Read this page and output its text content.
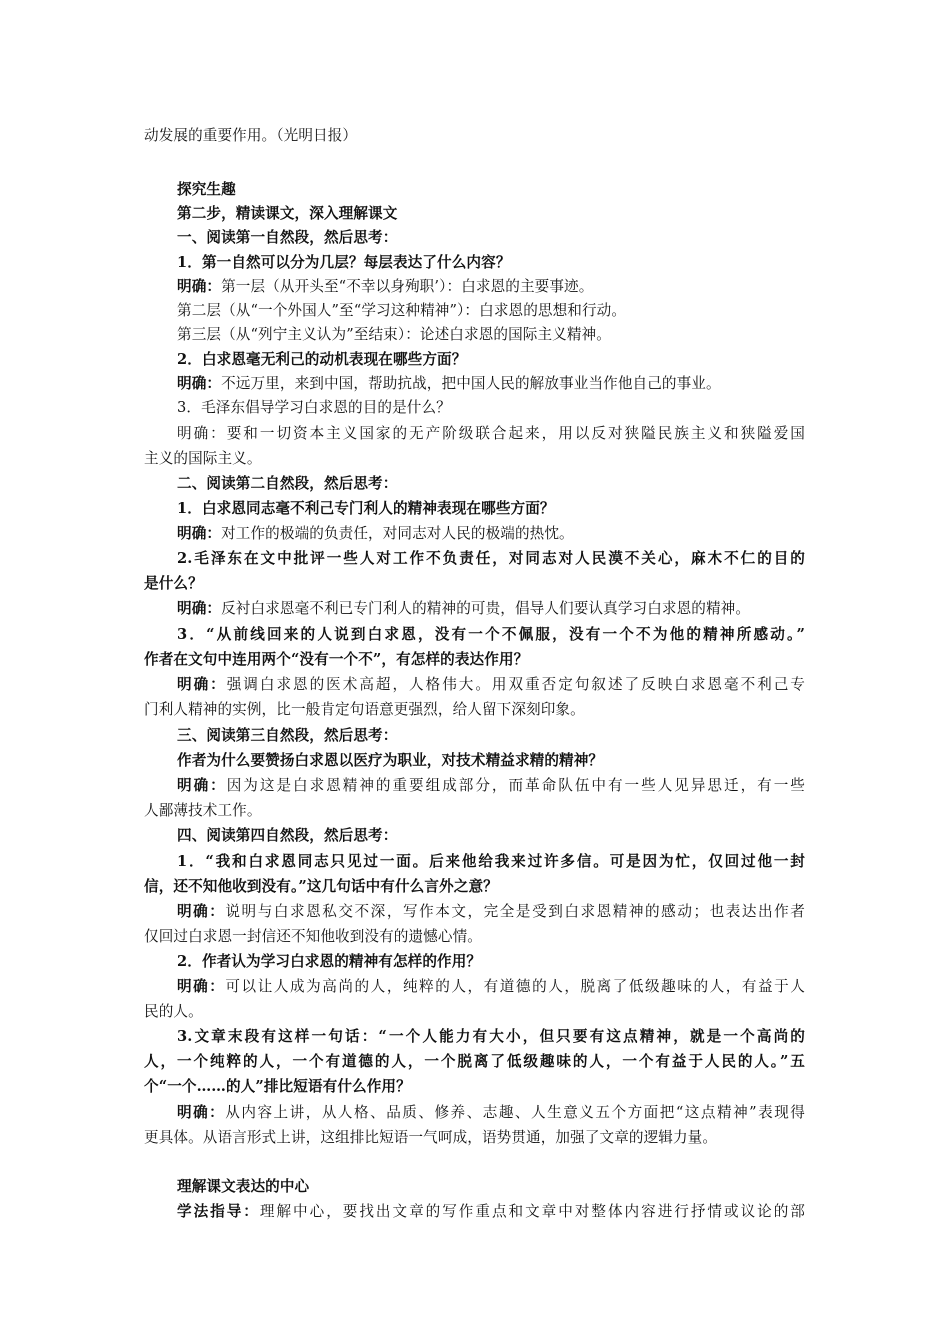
动发展的重要作用。（光明日报）
探究生趣
第二步，精读课文，深入理解课文
一、阅读第一自然段，然后思考：
1．第一自然可以分为几层？每层表达了什么内容？
明确：第一层（从开头至“不幸以身殉职’）：白求恩的主要事迹。
第二层（从“一个外国人”至“学习这种精神”）：白求恩的思想和行动。
第三层（从“列宁主义认为”至结束）：论述白求恩的国际主义精神。
2．白求恩毫无利己的动机表现在哪些方面？
明确：不远万里，来到中国，帮助抗战，把中国人民的解放事业当作他自己的事业。
3．毛泽东倡导学习白求恩的目的是什么？
明确：要和一切资本主义国家的无产阶级联合起来，用以反对狭隘民族主义和狭隘爱国
主义的国际主义。
二、阅读第二自然段，然后思考：
1．白求恩同志毫不利己专门利人的精神表现在哪些方面？
明确：对工作的极端的负责任，对同志对人民的极端的热忱。
2.毛泽东在文中批评一些人对工作不负责任，对同志对人民漠不关心，麻木不仁的目的
是什么？
明确：反衬白求恩毫不利已专门利人的精神的可贵，倡导人们要认真学习白求恩的精神。
3．“从前线回来的人说到白求恩，没有一个不佩服，没有一个不为他的精神所感动。”
作者在文句中连用两个“没有一个不”，有怎样的表达作用？
明确：强调白求恩的医术高超，人格伟大。用双重否定句叙述了反映白求恩毫不利己专
门利人精神的实例，比一般肯定句语意更强烈，给人留下深刻印象。
三、阅读第三自然段，然后思考：
作者为什么要赞扬白求恩以医疗为职业，对技术精益求精的精神？
明确：因为这是白求恩精神的重要组成部分，而革命队伍中有一些人见异思迁，有一些
人鄙薄技术工作。
四、阅读第四自然段，然后思考：
1．“我和白求恩同志只见过一面。后来他给我来过许多信。可是因为忙，仅回过他一封
信，还不知他收到没有。”这几句话中有什么言外之意？
明确：说明与白求恩私交不深，写作本文，完全是受到白求恩精神的感动；也表达出作者
仅回过白求恩一封信还不知他收到没有的遗憾心情。
2．作者认为学习白求恩的精神有怎样的作用？
明确：可以让人成为高尚的人，纯粹的人，有道德的人，脱离了低级趣味的人，有益于人
民的人。
3.文章末段有这样一句话：“一个人能力有大小，但只要有这点精神，就是一个高尚的
人，一个纯粹的人，一个有道德的人，一个脱离了低级趣味的人，一个有益于人民的人。”五
个“一个……的人”排比短语有什么作用？
明确：从内容上讲，从人格、品质、修养、志趣、人生意义五个方面把“这点精神”表现得
更具体。从语言形式上讲，这组排比短语一气呵成，语势贯通，加强了文章的逻辑力量。
理解课文表达的中心
学法指导：理解中心，要找出文章的写作重点和文章中对整体内容进行抒情或议论的部
